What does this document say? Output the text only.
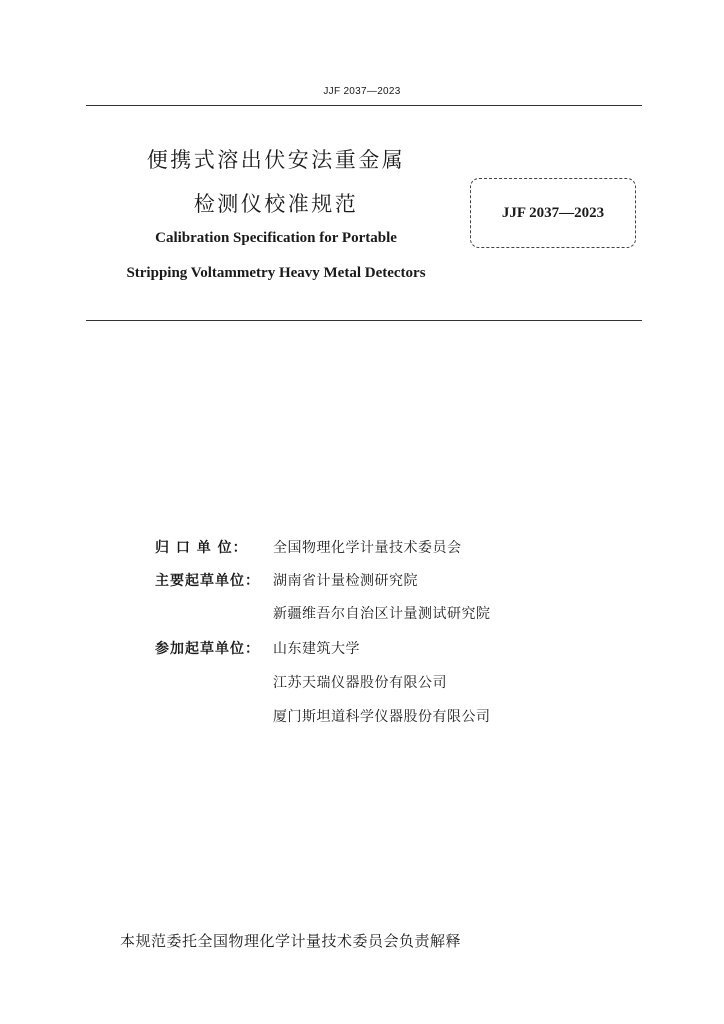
JJF 2037—2023
便携式溶出伏安法重金属
检测仪校准规范
Calibration Specification for Portable
Stripping Voltammetry Heavy Metal Detectors
JJF 2037—2023
归 口 单 位： 全国物理化学计量技术委员会
主要起草单位： 湖南省计量检测研究院
新疆维吾尔自治区计量测试研究院
参加起草单位： 山东建筑大学
江苏天瑞仪器股份有限公司
厦门斯坦道科学仪器股份有限公司
本规范委托全国物理化学计量技术委员会负责解释
